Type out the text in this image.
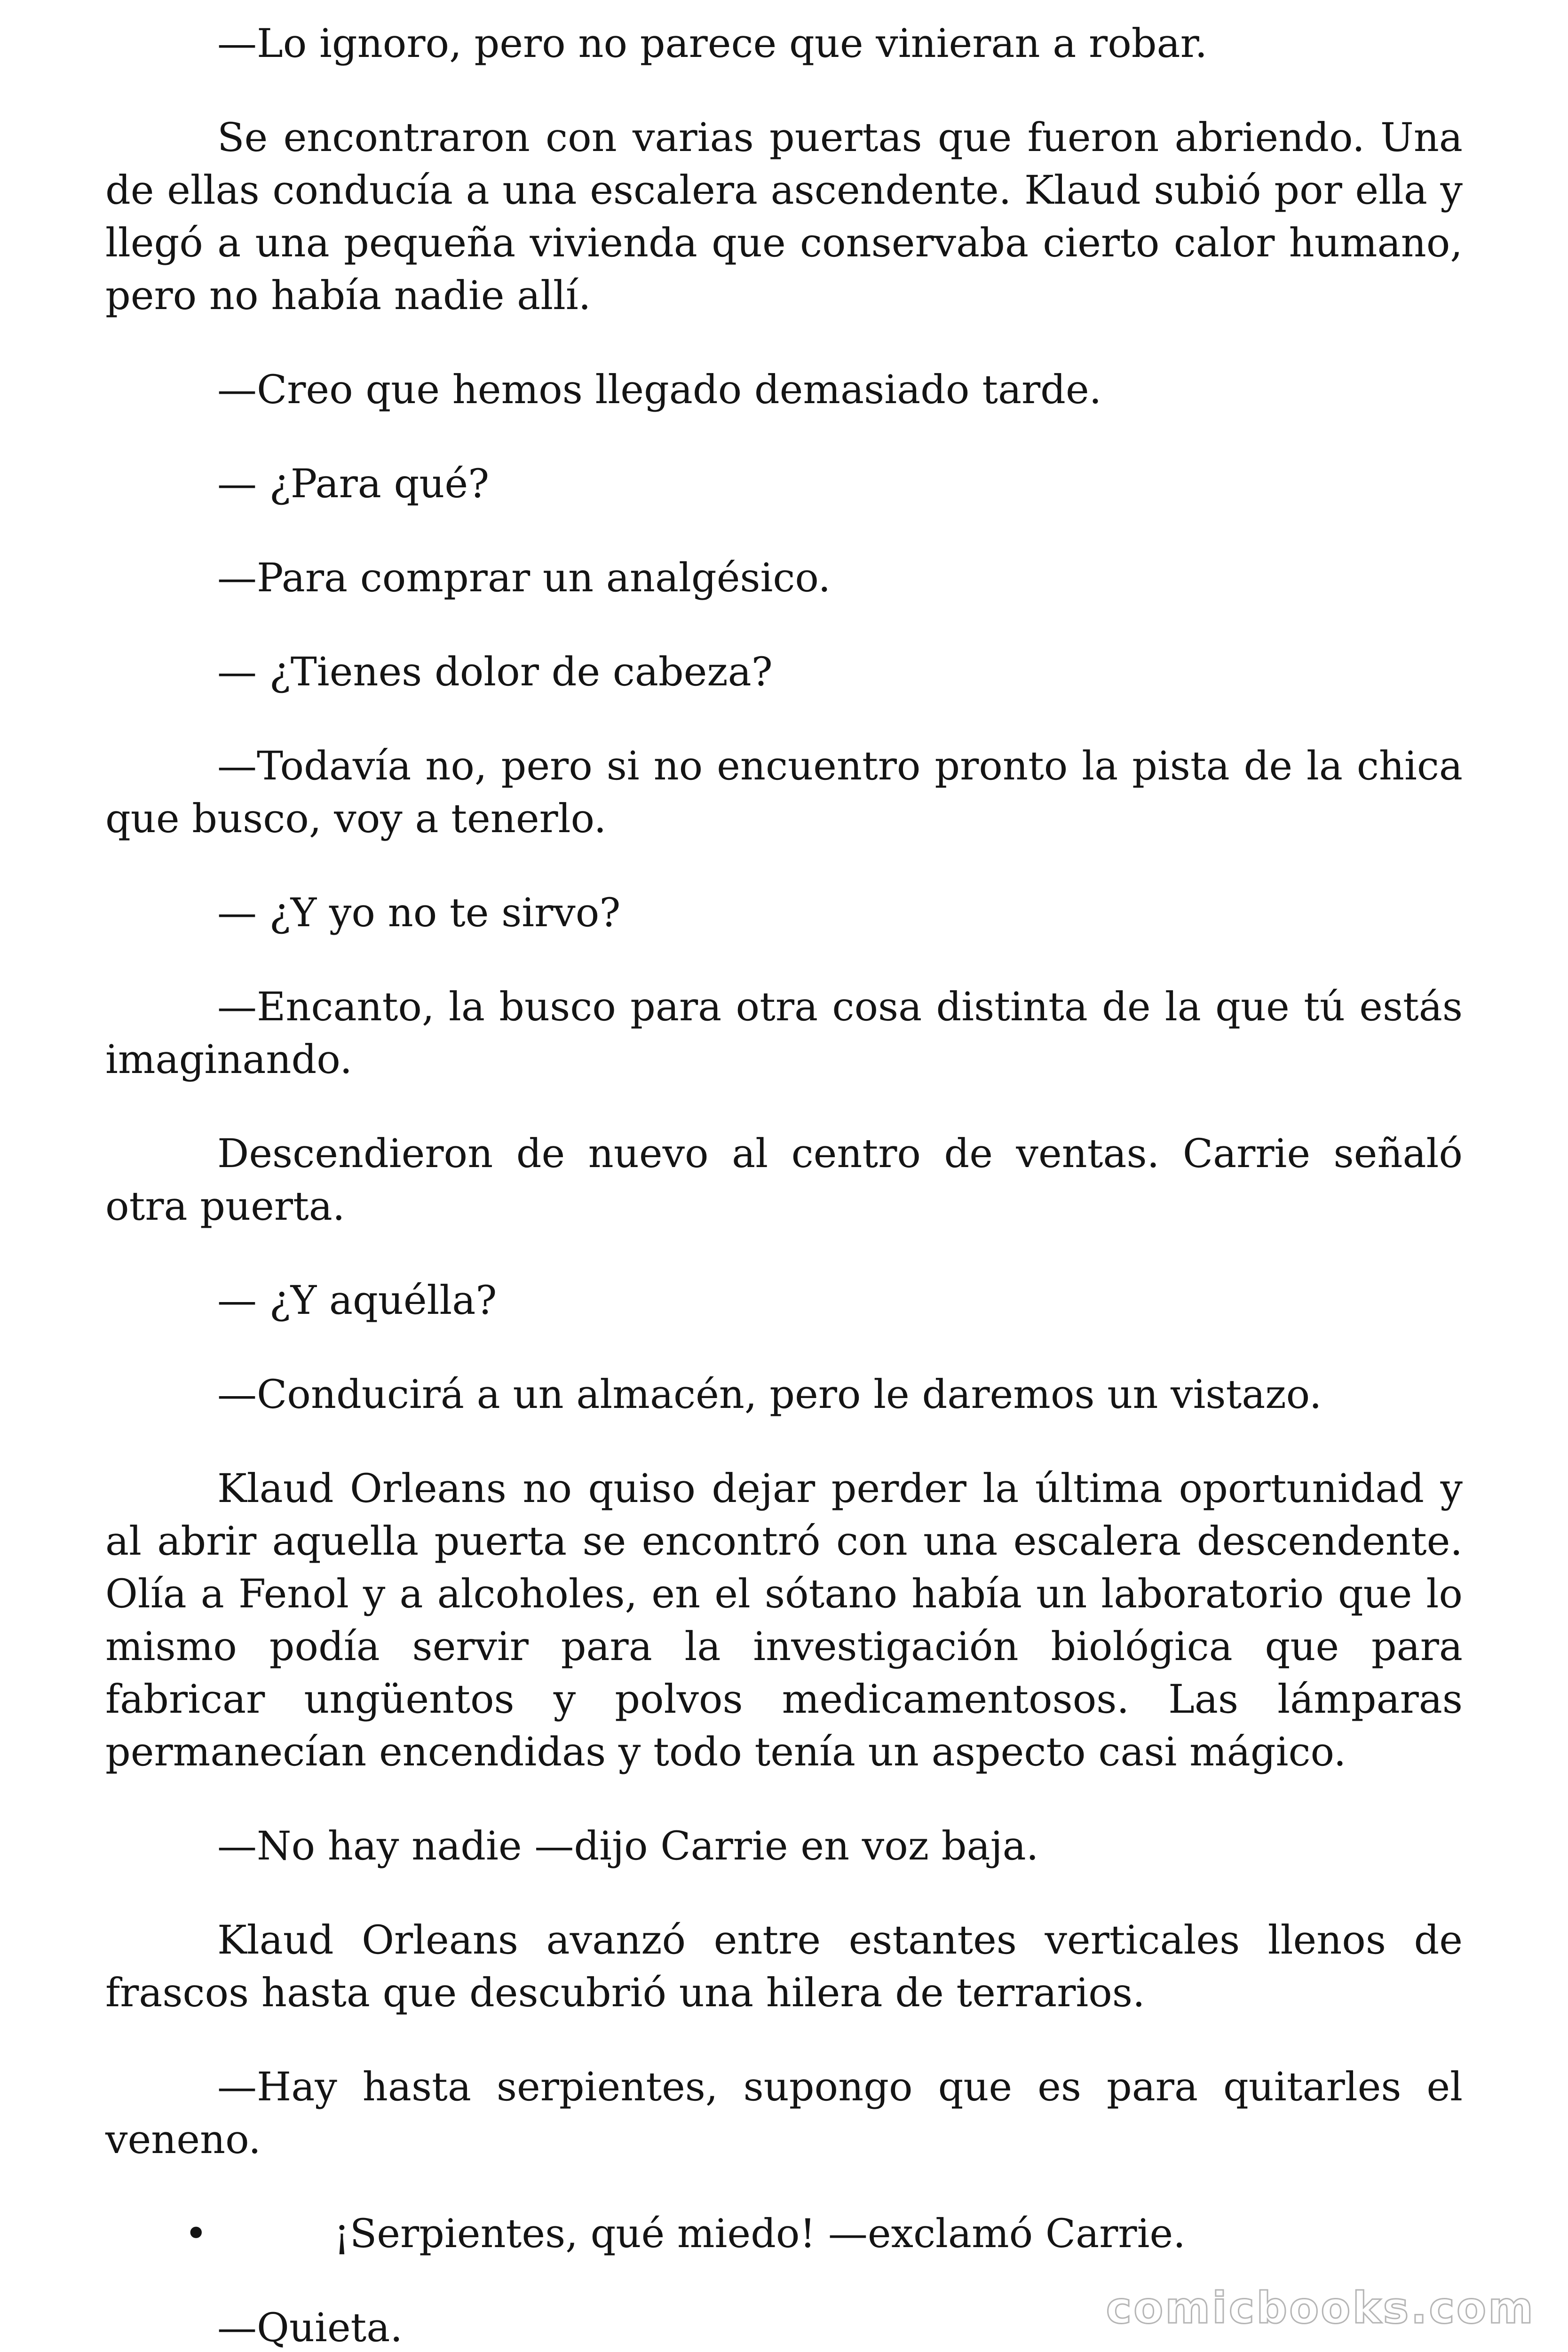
—Lo ignoro, pero no parece que vinieran a robar.

Se encontraron con varias puertas que fueron abriendo. Una de ellas conducía a una escalera ascendente. Klaud subió por ella y llegó a una pequeña vivienda que conservaba cierto calor humano, pero no había nadie allí.

—Creo que hemos llegado demasiado tarde.

— ¿Para qué?

—Para comprar un analgésico.

— ¿Tienes dolor de cabeza?

—Todavía no, pero si no encuentro pronto la pista de la chica que busco, voy a tenerlo.

— ¿Y yo no te sirvo?

—Encanto, la busco para otra cosa distinta de la que tú estás imaginando.

Descendieron de nuevo al centro de ventas. Carrie señaló otra puerta.

— ¿Y aquélla?

—Conducirá a un almacén, pero le daremos un vistazo.

Klaud Orleans no quiso dejar perder la última oportunidad y al abrir aquella puerta se encontró con una escalera descendente. Olía a Fenol y a alcoholes, en el sótano había un laboratorio que lo mismo podía servir para la investigación biológica que para fabricar ungüentos y polvos medicamentosos. Las lámparas permanecían encendidas y todo tenía un aspecto casi mágico.

—No hay nadie —dijo Carrie en voz baja.

Klaud Orleans avanzó entre estantes verticales llenos de frascos hasta que descubrió una hilera de terrarios.

—Hay hasta serpientes, supongo que es para quitarles el veneno.

•	¡Serpientes, qué miedo! —exclamó Carrie.

—Quieta.	comicbooks.com
